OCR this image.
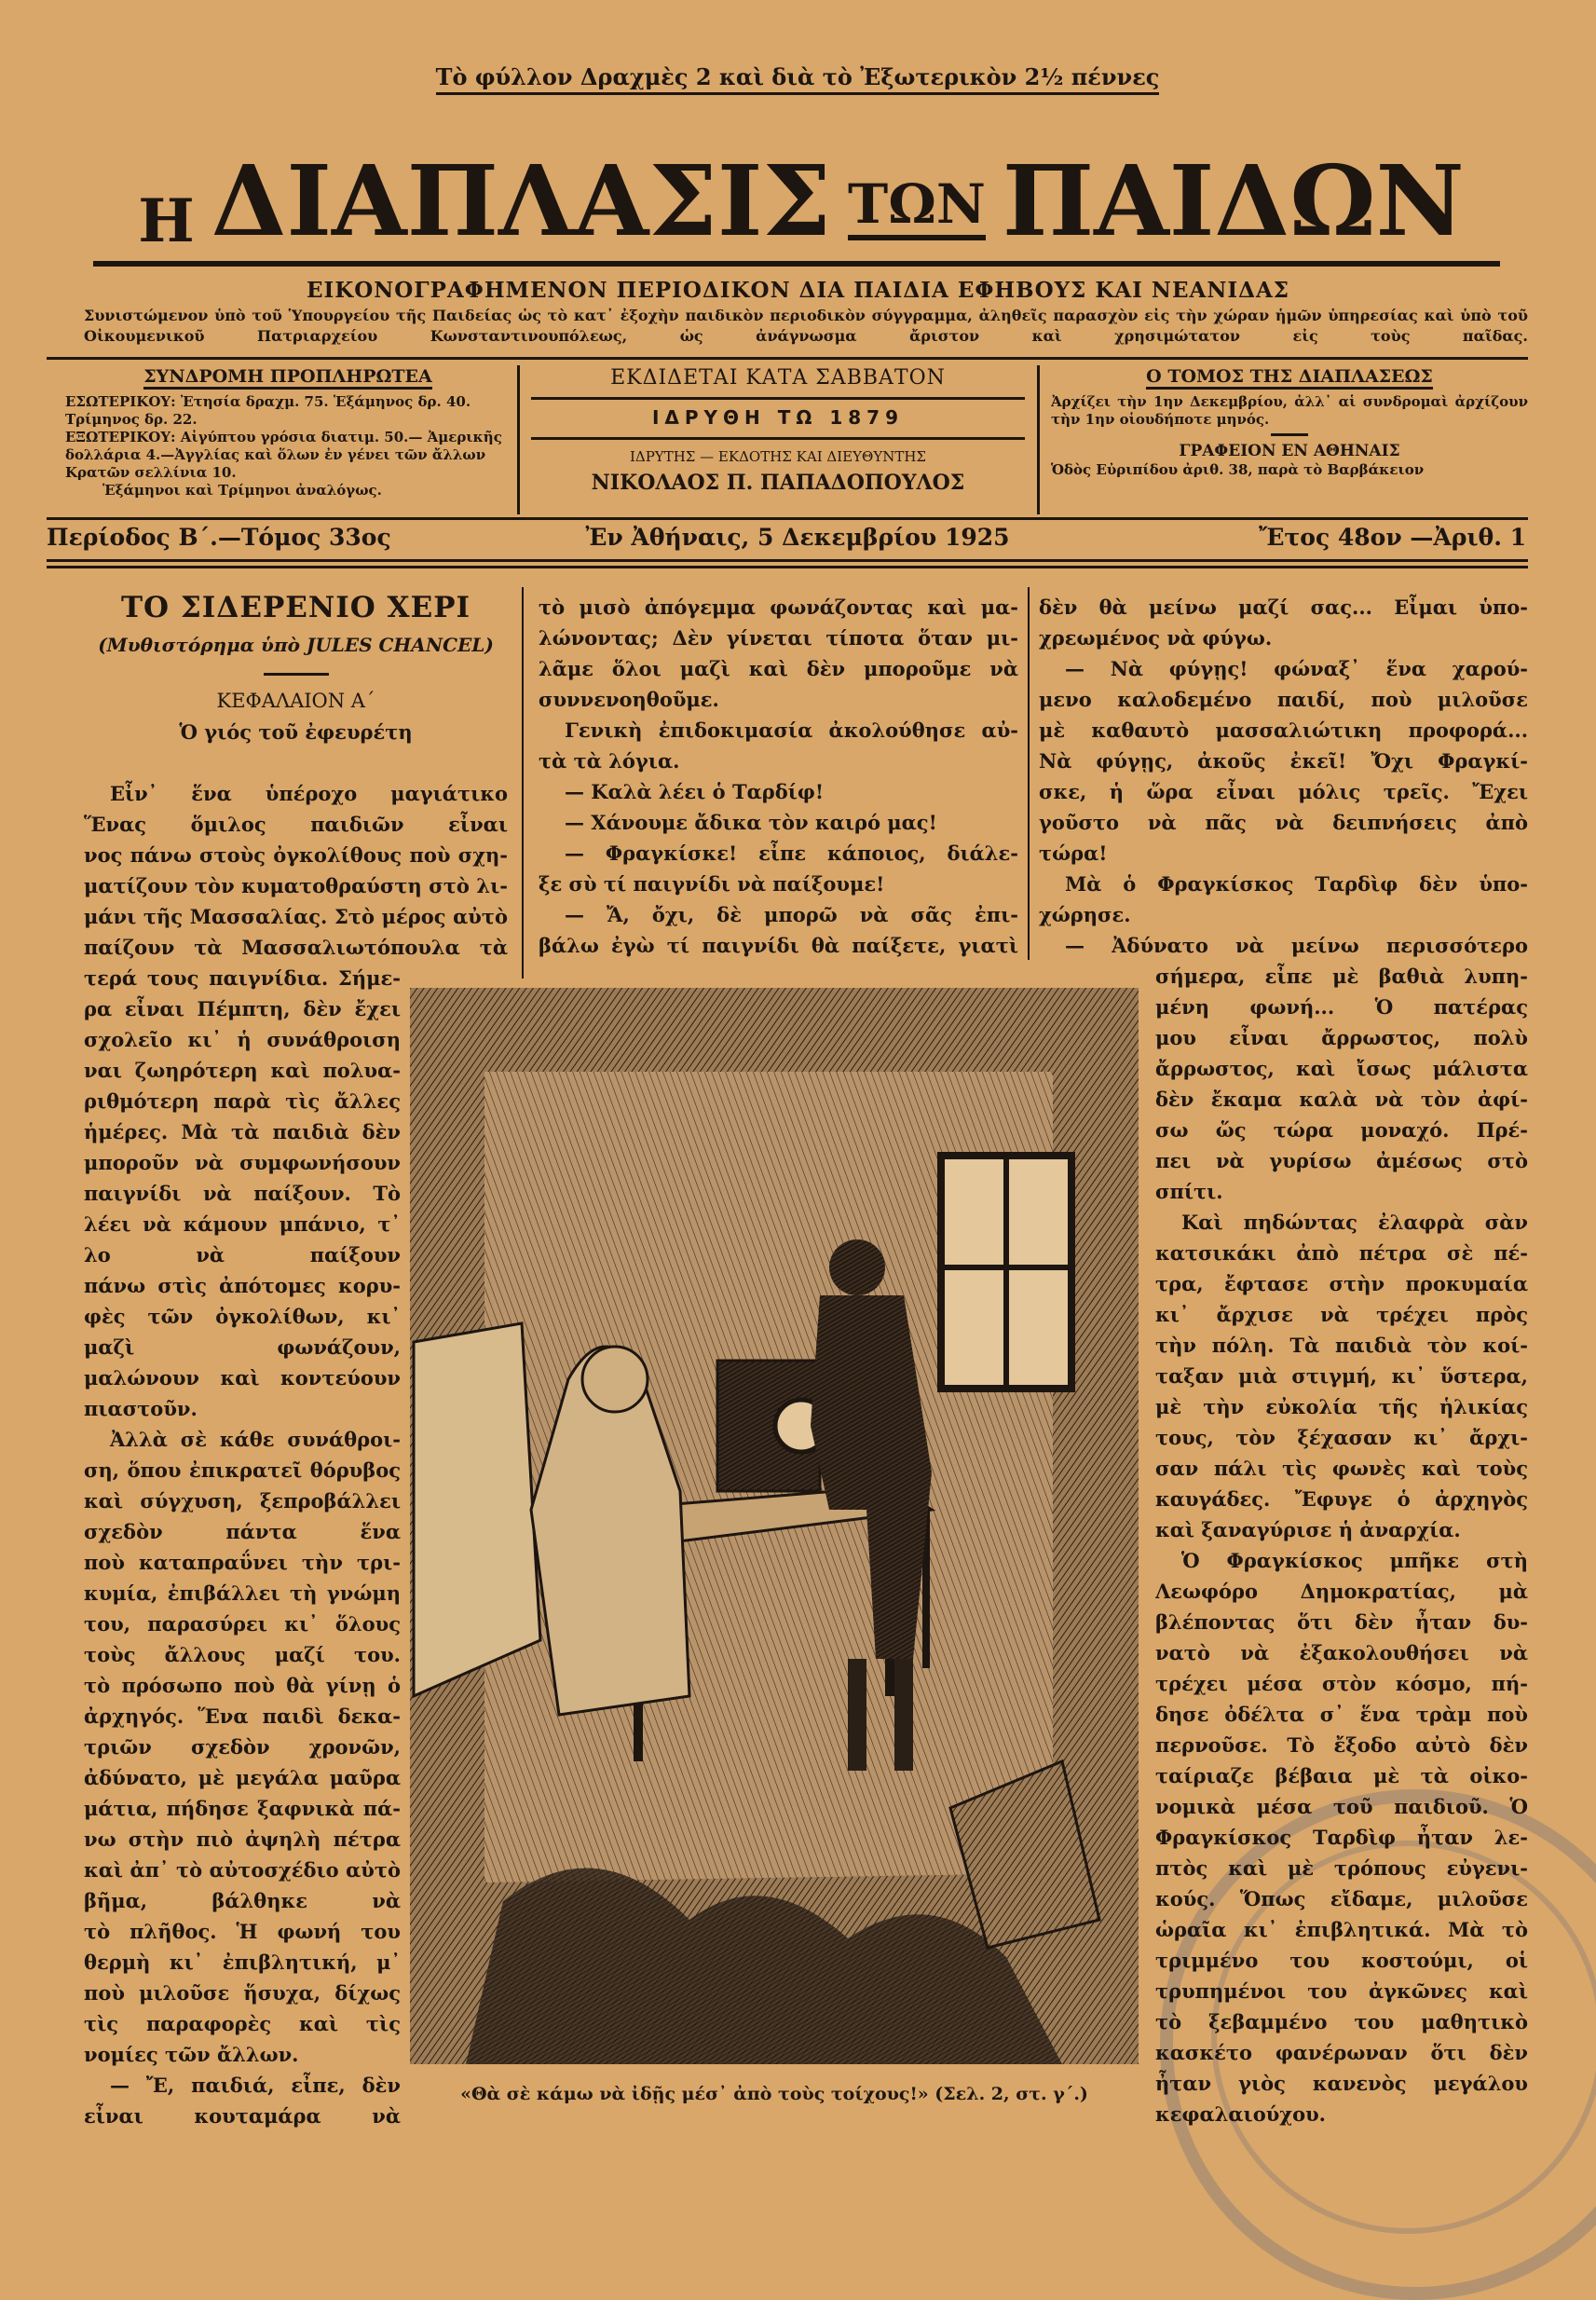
Τὸ φύλλον Δραχμὲς 2 καὶ διὰ τὸ Ἐξωτερικὸν 2½ πέννες
Η ΔΙΑΠΛΑΣΙΣ ΤΩΝ ΠΑΙΔΩΝ
ΕΙΚΟΝΟΓΡΑΦΗΜΕΝΟΝ ΠΕΡΙΟΔΙΚΟΝ ΔΙΑ ΠΑΙΔΙΑ ΕΦΗΒΟΥΣ ΚΑΙ ΝΕΑΝΙΔΑΣ
Συνιστώμενον ὑπὸ τοῦ Ὑπουργείου τῆς Παιδείας ὡς τὸ κατ᾿ ἐξοχὴν παιδικὸν περιοδικὸν σύγγραμμα, ἀληθεῖς παρασχὸν εἰς τὴν χώραν ἡμῶν ὑπηρεσίας καὶ ὑπὸ τοῦ Οἰκουμενικοῦ Πατριαρχείου Κωνσταντινουπόλεως, ὡς ἀνάγνωσμα ἄριστον καὶ χρησιμώτατον εἰς τοὺς παῖδας.
ΣΥΝΔΡΟΜΗ ΠΡΟΠΛΗΡΩΤΕΑ

ΕΣΩΤΕΡΙΚΟΥ: Ἐτησία δραχμ. 75. Ἑξάμηνος δρ. 40. Τρίμηνος δρ. 22.

ΕΞΩΤΕΡΙΚΟΥ: Αἰγύπτου γρόσια διατιμ. 50.— Ἀμερικῆς δολλάρια 4.—Ἀγγλίας καὶ ὅλων ἐν γένει τῶν ἄλλων Κρατῶν σελλίνια 10.

Ἑξάμηνοι καὶ Τρίμηνοι ἀναλόγως.

ΕΚΔΙΔΕΤΑΙ ΚΑΤΑ ΣΑΒΒΑΤΟΝ
ΙΔΡΥΘΗ ΤΩ 1879
ΙΔΡΥΤΗΣ — ΕΚΔΟΤΗΣ ΚΑΙ ΔΙΕΥΘΥΝΤΗΣ
ΝΙΚΟΛΑΟΣ Π. ΠΑΠΑΔΟΠΟΥΛΟΣ
Ο ΤΟΜΟΣ ΤΗΣ ΔΙΑΠΛΑΣΕΩΣ

Ἀρχίζει τὴν 1ην Δεκεμβρίου, ἀλλ᾿ αἱ συνδρομαὶ ἀρχίζουν τὴν 1ην οἱουδήποτε μηνός.

ΓΡΑΦΕΙΟΝ ΕΝ ΑΘΗΝΑΙΣ

Ὁδὸς Εὐριπίδου ἀριθ. 38, παρὰ τὸ Βαρβάκειον

Περίοδος Β΄.—Τόμος 33ος	Ἐν Ἀθήναις, 5 Δεκεμβρίου 1925	Ἔτος 48ον —Ἀριθ. 1
ΤΟ ΣΙΔΕΡΕΝΙΟ ΧΕΡΙ
(Μυθιστόρημα ὑπὸ JULES CHANCEL)
ΚΕΦΑΛΑΙΟΝ Α΄
Ὁ γιός τοῦ ἐφευρέτη
Εἶν᾿ ἕνα ὑπέροχο μαγιάτικο
Ἕνας ὅμιλος παιδιῶν εἶναι
νος πάνω στοὺς ὀγκολίθους ποὺ σχη-
ματίζουν τὸν κυματοθραύστη στὸ λι-
μάνι τῆς Μασσαλίας. Στὸ μέρος αὐτὸ
παίζουν τὰ Μασσαλιωτόπουλα τὰ
τερά τους παιγνίδια. Σήμε-
ρα εἶναι Πέμπτη, δὲν ἔχει
σχολεῖο κι᾿ ἡ συνάθροιση
ναι ζωηρότερη καὶ πολυα-
ριθμότερη παρὰ τὶς ἄλλες
ἡμέρες. Μὰ τὰ παιδιὰ δὲν
μποροῦν νὰ συμφωνήσουν
παιγνίδι νὰ παίξουν. Τὸ
λέει νὰ κάμουν μπάνιο, τ᾿
λο νὰ παίξουν
πάνω στὶς ἀπότομες κορυ-
φὲς τῶν ὀγκολίθων, κι᾿
μαζὶ φωνάζουν,
μαλώνουν καὶ κοντεύουν
πιαστοῦν.
Ἀλλὰ σὲ κάθε συνάθροι-
ση, ὅπου ἐπικρατεῖ θόρυβος
καὶ σύγχυση, ξεπροβάλλει
σχεδὸν πάντα ἕνα
ποὺ καταπραΰνει τὴν τρι-
κυμία, ἐπιβάλλει τὴ γνώμη
του, παρασύρει κι᾿ ὅλους
τοὺς ἄλλους μαζί του.
τὸ πρόσωπο ποὺ θὰ γίνῃ ὁ
ἀρχηγός. Ἕνα παιδὶ δεκα-
τριῶν σχεδὸν χρονῶν,
ἀδύνατο, μὲ μεγάλα μαῦρα
μάτια, πήδησε ξαφνικὰ πά-
νω στὴν πιὸ ἀψηλὴ πέτρα
καὶ ἀπ᾿ τὸ αὐτοσχέδιο αὐτὸ
βῆμα, βάλθηκε νὰ
τὸ πλῆθος. Ἡ φωνή του
θερμὴ κι᾿ ἐπιβλητική, μ᾿
ποὺ μιλοῦσε ἥσυχα, δίχως
τὶς παραφορὲς καὶ τὶς
νομίες τῶν ἄλλων.
— Ἔ, παιδιά, εἶπε, δὲν
εἶναι κουταμάρα νὰ
τὸ μισὸ ἀπόγεμμα φωνάζοντας καὶ μα-
λώνοντας; Δὲν γίνεται τίποτα ὅταν μι-
λᾶμε ὅλοι μαζὶ καὶ δὲν μποροῦμε νὰ
συννενοηθοῦμε.
Γενικὴ ἐπιδοκιμασία ἀκολούθησε αὐ-
τὰ τὰ λόγια.
— Καλὰ λέει ὁ Ταρδίφ!
— Χάνουμε ἄδικα τὸν καιρό μας!
— Φραγκίσκε! εἶπε κάποιος, διάλε-
ξε σὺ τί παιγνίδι νὰ παίξουμε!
— Ἄ, ὄχι, δὲ μπορῶ νὰ σᾶς ἐπι-
βάλω ἐγὼ τί παιγνίδι θὰ παίξετε, γιατὶ
δὲν θὰ μείνω μαζί σας... Εἶμαι ὑπο-
χρεωμένος νὰ φύγω.
— Νὰ φύγῃς! φώναξ᾿ ἕνα χαρού-
μενο καλοδεμένο παιδί, ποὺ μιλοῦσε
μὲ καθαυτὸ μασσαλιώτικη προφορά...
Νὰ φύγῃς, ἀκοῦς ἐκεῖ! Ὄχι Φραγκί-
σκε, ἡ ὥρα εἶναι μόλις τρεῖς. Ἔχει
γοῦστο νὰ πᾶς νὰ δειπνήσεις ἀπὸ
τώρα!
Μὰ ὁ Φραγκίσκος Ταρδὶφ δὲν ὑπο-
χώρησε.
— Ἀδύνατο νὰ μείνω περισσότερο
σήμερα, εἶπε μὲ βαθιὰ λυπη-
μένη φωνή... Ὁ πατέρας
μου εἶναι ἄρρωστος, πολὺ
ἄρρωστος, καὶ ἴσως μάλιστα
δὲν ἔκαμα καλὰ νὰ τὸν ἀφί-
σω ὥς τώρα μοναχό. Πρέ-
πει νὰ γυρίσω ἀμέσως στὸ
σπίτι.
Καὶ πηδώντας ἐλαφρὰ σὰν
κατσικάκι ἀπὸ πέτρα σὲ πέ-
τρα, ἔφτασε στὴν προκυμαία
κι᾿ ἄρχισε νὰ τρέχει πρὸς
τὴν πόλη. Τὰ παιδιὰ τὸν κοί-
ταξαν μιὰ στιγμή, κι᾿ ὕστερα,
μὲ τὴν εὐκολία τῆς ἡλικίας
τους, τὸν ξέχασαν κι᾿ ἄρχι-
σαν πάλι τὶς φωνὲς καὶ τοὺς
καυγάδες. Ἔφυγε ὁ ἀρχηγὸς
καὶ ξαναγύρισε ἡ ἀναρχία.
Ὁ Φραγκίσκος μπῆκε στὴ
Λεωφόρο Δημοκρατίας, μὰ
βλέποντας ὅτι δὲν ἦταν δυ-
νατὸ νὰ ἐξακολουθήσει νὰ
τρέχει μέσα στὸν κόσμο, πή-
δησε ὀδέλτα σ᾿ ἕνα τρὰμ ποὺ
περνοῦσε. Τὸ ἔξοδο αὐτὸ δὲν
ταίριαζε βέβαια μὲ τὰ οἰκο-
νομικὰ μέσα τοῦ παιδιοῦ. Ὁ
Φραγκίσκος Ταρδὶφ ἦταν λε-
πτὸς καὶ μὲ τρόπους εὐγενι-
κούς. Ὅπως εἴδαμε, μιλοῦσε
ὡραῖα κι᾿ ἐπιβλητικά. Μὰ τὸ
τριμμένο του κοστούμι, οἱ
τρυπημένοι του ἀγκῶνες καὶ
τὸ ξεβαμμένο του μαθητικὸ
κασκέτο φανέρωναν ὅτι δὲν
ἦταν γιὸς κανενὸς μεγάλου
κεφαλαιούχου.
«Θὰ σὲ κάμω νὰ ἰδῇς μέσ᾿ ἀπὸ τοὺς τοίχους!» (Σελ. 2, στ. γ΄.)
